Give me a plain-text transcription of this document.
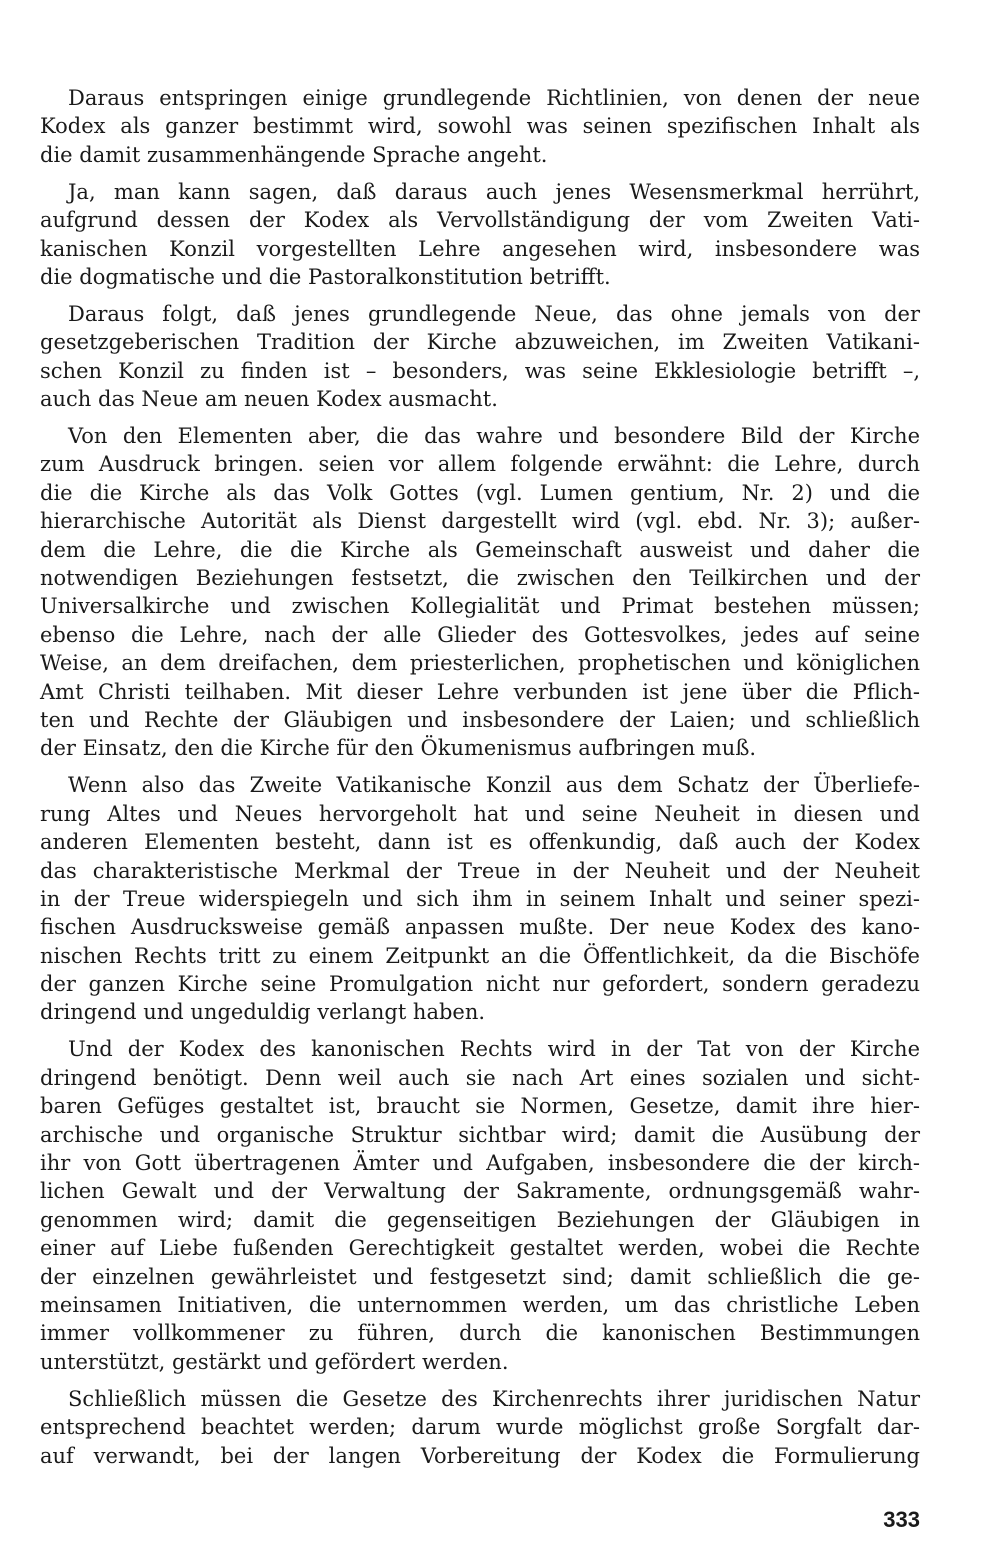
Daraus entspringen einige grundlegende Richtlinien, von denen der neue
Kodex als ganzer bestimmt wird, sowohl was seinen spezifischen Inhalt als
die damit zusammenhängende Sprache angeht.
Ja, man kann sagen, daß daraus auch jenes Wesensmerkmal herrührt,
aufgrund dessen der Kodex als Vervollständigung der vom Zweiten Vati-
kanischen Konzil vorgestellten Lehre angesehen wird, insbesondere was
die dogmatische und die Pastoralkonstitution betrifft.
Daraus folgt, daß jenes grundlegende Neue, das ohne jemals von der
gesetzgeberischen Tradition der Kirche abzuweichen, im Zweiten Vatikani-
schen Konzil zu finden ist – besonders, was seine Ekklesiologie betrifft –,
auch das Neue am neuen Kodex ausmacht.
Von den Elementen aber, die das wahre und besondere Bild der Kirche
zum Ausdruck bringen. seien vor allem folgende erwähnt: die Lehre, durch
die die Kirche als das Volk Gottes (vgl. Lumen gentium, Nr. 2) und die
hierarchische Autorität als Dienst dargestellt wird (vgl. ebd. Nr. 3); außer-
dem die Lehre, die die Kirche als Gemeinschaft ausweist und daher die
notwendigen Beziehungen festsetzt, die zwischen den Teilkirchen und der
Universalkirche und zwischen Kollegialität und Primat bestehen müssen;
ebenso die Lehre, nach der alle Glieder des Gottesvolkes, jedes auf seine
Weise, an dem dreifachen, dem priesterlichen, prophetischen und königlichen
Amt Christi teilhaben. Mit dieser Lehre verbunden ist jene über die Pflich-
ten und Rechte der Gläubigen und insbesondere der Laien; und schließlich
der Einsatz, den die Kirche für den Ökumenismus aufbringen muß.
Wenn also das Zweite Vatikanische Konzil aus dem Schatz der Überliefe-
rung Altes und Neues hervorgeholt hat und seine Neuheit in diesen und
anderen Elementen besteht, dann ist es offenkundig, daß auch der Kodex
das charakteristische Merkmal der Treue in der Neuheit und der Neuheit
in der Treue widerspiegeln und sich ihm in seinem Inhalt und seiner spezi-
fischen Ausdrucksweise gemäß anpassen mußte. Der neue Kodex des kano-
nischen Rechts tritt zu einem Zeitpunkt an die Öffentlichkeit, da die Bischöfe
der ganzen Kirche seine Promulgation nicht nur gefordert, sondern geradezu
dringend und ungeduldig verlangt haben.
Und der Kodex des kanonischen Rechts wird in der Tat von der Kirche
dringend benötigt. Denn weil auch sie nach Art eines sozialen und sicht-
baren Gefüges gestaltet ist, braucht sie Normen, Gesetze, damit ihre hier-
archische und organische Struktur sichtbar wird; damit die Ausübung der
ihr von Gott übertragenen Ämter und Aufgaben, insbesondere die der kirch-
lichen Gewalt und der Verwaltung der Sakramente, ordnungsgemäß wahr-
genommen wird; damit die gegenseitigen Beziehungen der Gläubigen in
einer auf Liebe fußenden Gerechtigkeit gestaltet werden, wobei die Rechte
der einzelnen gewährleistet und festgesetzt sind; damit schließlich die ge-
meinsamen Initiativen, die unternommen werden, um das christliche Leben
immer vollkommener zu führen, durch die kanonischen Bestimmungen
unterstützt, gestärkt und gefördert werden.
Schließlich müssen die Gesetze des Kirchenrechts ihrer juridischen Natur
entsprechend beachtet werden; darum wurde möglichst große Sorgfalt dar-
auf verwandt, bei der langen Vorbereitung der Kodex die Formulierung
333
